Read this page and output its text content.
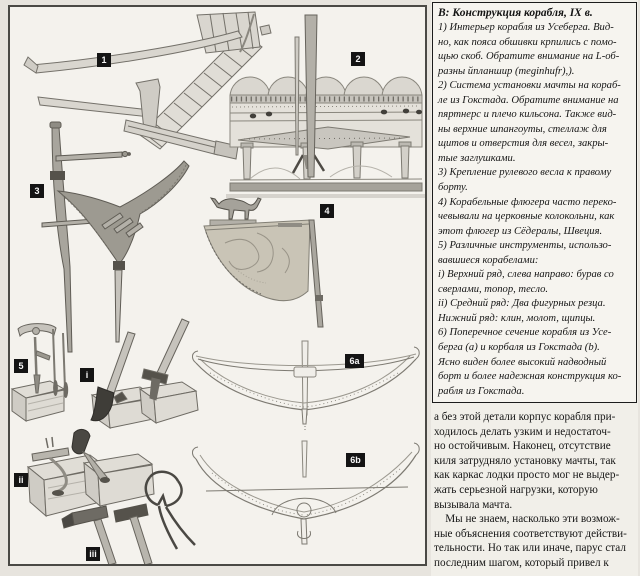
1	2
3
4
5
i
ii
iii
6a
6b
В: Конструкция корабля, IX в.
1) Интерьер корабля из Усеберга. Вид-
но, как пояса обшивки крпились с помо-
щью скоб. Обратите внимание на L-об-
разны йпланшир (meginhufr),).
2) Система установки мачты на кораб-
ле из Гокстада. Обратите внимание на
пяртнерс и плечо кильсона. Также вид-
ны верхние шпангоуты, стеллаж для
щитов и отверстия для весел, закры-
тые заглушками.
3) Крепление рулевого весла к правому
борту.
4) Корабельные флюгера часто переко-
чевывали на церковные колокольни, как
этот флюгер из Сёдералы, Швеция.
5) Различные инструменты, использо-
вавшиеся корабелами:
i) Верхний ряд, слева направо: бурав со
сверлами, топор, тесло.
ii) Средний ряд: Два фигурных резца.
Нижний ряд: клин, молот, щипцы.
6) Поперечное сечение корабля из Усе-
берга (a) и корбаля из Гокстада (b).
Ясно виден более высокий надводный
борт и более надежная конструкция ко-
рабля из Гокстада.
а без этой детали корпус корабля при-
ходилось делать узким и недостаточ-
но остойчивым. Наконец, отсутствие
киля затрудняло установку мачты, так
как каркас лодки просто мог не выдер-
жать серьезной нагрузки, которую
вызывала мачта.
Мы не знаем, насколько эти возмож-
ные объяснения соответствуют действи-
тельности. Но так или иначе, парус стал
последним шагом, который привел к
